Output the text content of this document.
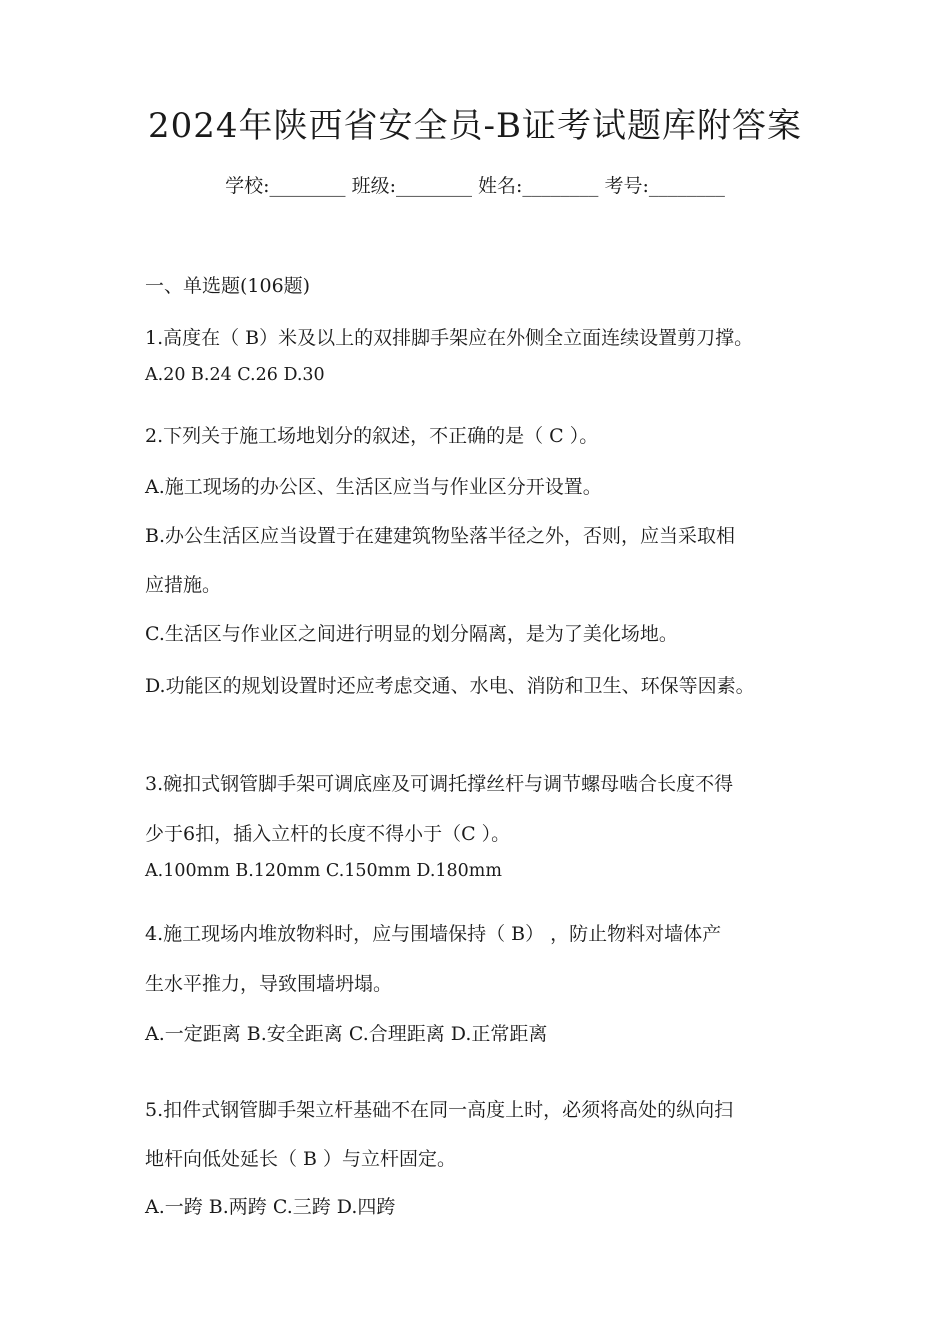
2024年陕西省安全员-B证考试题库附答案
学校:________ 班级:________ 姓名:________ 考号:________
一、单选题(106题)
1.高度在（ B）米及以上的双排脚手架应在外侧全立面连续设置剪刀撑。
A.20 B.24 C.26 D.30
2.下列关于施工场地划分的叙述，不正确的是（ C ）。
A.施工现场的办公区、生活区应当与作业区分开设置。
B.办公生活区应当设置于在建建筑物坠落半径之外，否则，应当采取相
应措施。
C.生活区与作业区之间进行明显的划分隔离，是为了美化场地。
D.功能区的规划设置时还应考虑交通、水电、消防和卫生、环保等因素。
3.碗扣式钢管脚手架可调底座及可调托撑丝杆与调节螺母啮合长度不得
少于6扣，插入立杆的长度不得小于（C ）。
A.100mm B.120mm C.150mm D.180mm
4.施工现场内堆放物料时，应与围墙保持（ B） ，防止物料对墙体产
生水平推力，导致围墙坍塌。
A.一定距离 B.安全距离 C.合理距离 D.正常距离
5.扣件式钢管脚手架立杆基础不在同一高度上时，必须将高处的纵向扫
地杆向低处延长（ B ）与立杆固定。
A.一跨 B.两跨 C.三跨 D.四跨
